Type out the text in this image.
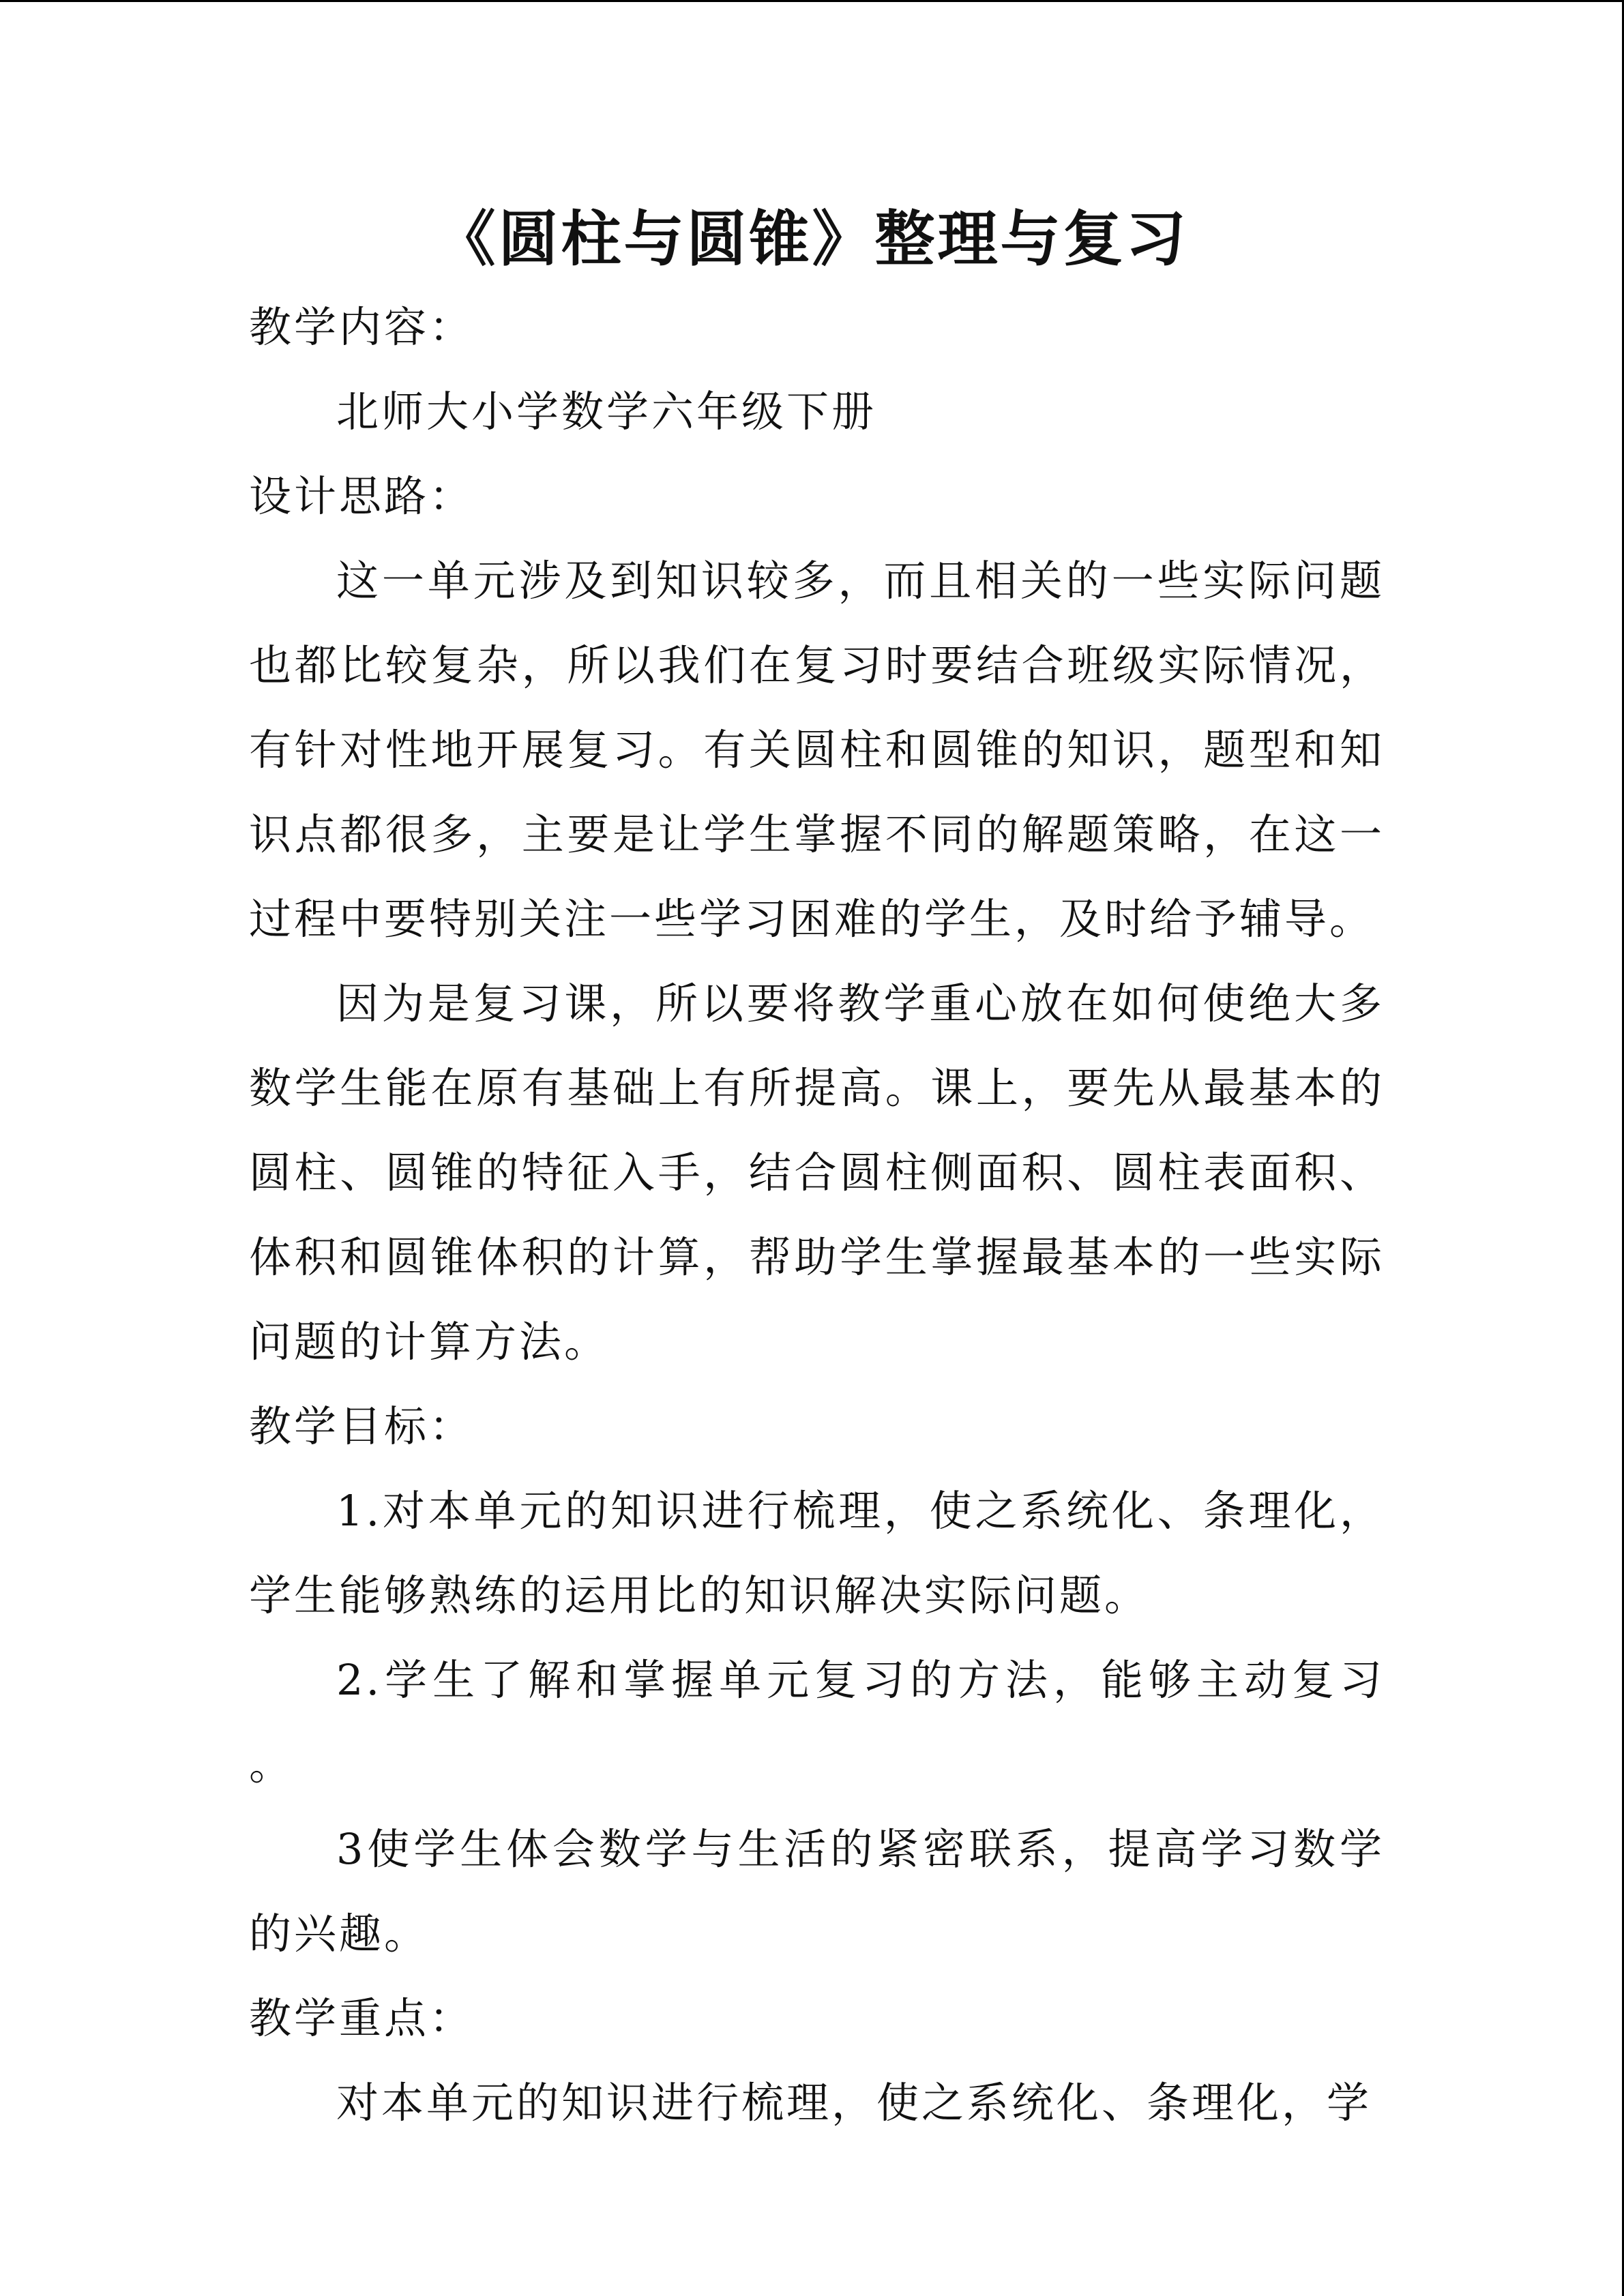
《圆柱与圆锥》整理与复习

教学内容：

北师大小学数学六年级下册

设计思路：

这一单元涉及到知识较多，而且相关的一些实际问题也都比较复杂，所以我们在复习时要结合班级实际情况，有针对性地开展复习。有关圆柱和圆锥的知识，题型和知识点都很多，主要是让学生掌握不同的解题策略，在这一过程中要特别关注一些学习困难的学生，及时给予辅导。

因为是复习课，所以要将教学重心放在如何使绝大多数学生能在原有基础上有所提高。课上，要先从最基本的圆柱、圆锥的特征入手，结合圆柱侧面积、圆柱表面积、体积和圆锥体积的计算，帮助学生掌握最基本的一些实际问题的计算方法。

教学目标：

1.对本单元的知识进行梳理，使之系统化、条理化，学生能够熟练的运用比的知识解决实际问题。

2.学生了解和掌握单元复习的方法，能够主动复习 。

3使学生体会数学与生活的紧密联系，提高学习数学的兴趣。

教学重点：

对本单元的知识进行梳理，使之系统化、条理化，学
